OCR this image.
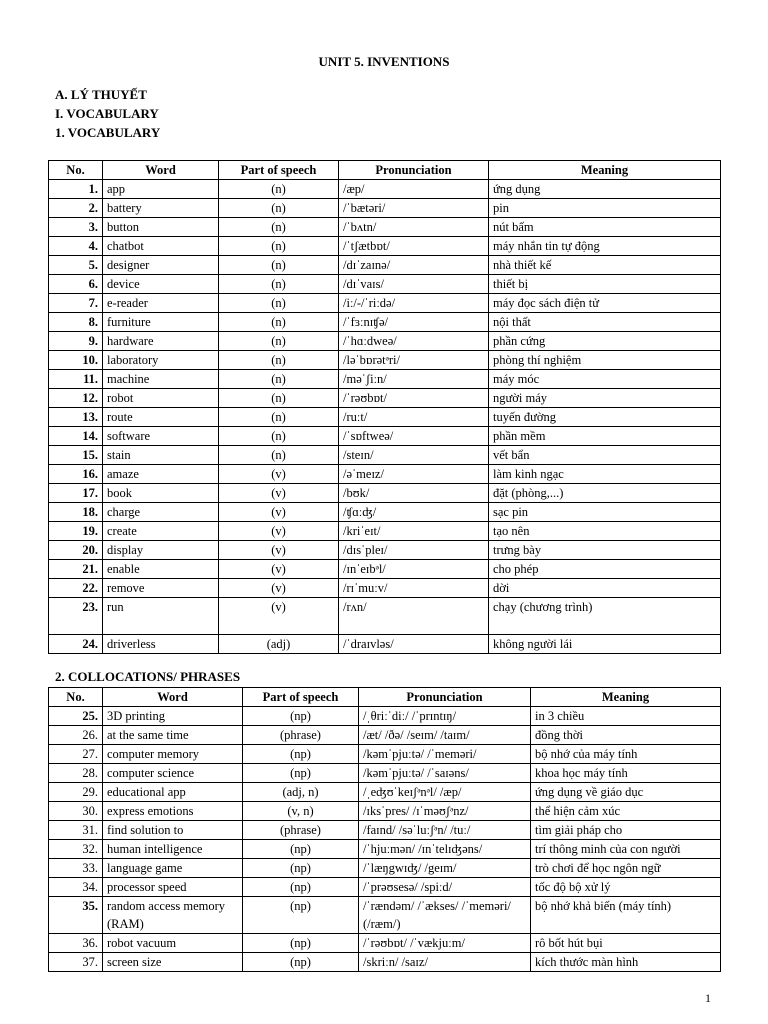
UNIT 5. INVENTIONS
A. LÝ THUYẾT
I. VOCABULARY
1. VOCABULARY
No.	Word	Part of speech	Pronunciation	Meaning
1.	app	(n)	/æp/	ứng dụng
2.	battery	(n)	/ˈbætəri/	pin
3.	button	(n)	/ˈbʌtn/	nút bấm
4.	chatbot	(n)	/ˈtʃætbɒt/	máy nhắn tin tự động
5.	designer	(n)	/dɪˈzaɪnə/	nhà thiết kế
6.	device	(n)	/dɪˈvaɪs/	thiết bị
7.	e-reader	(n)	/iː/-/ˈriːdə/	máy đọc sách điện tử
8.	furniture	(n)	/ˈfɜːnɪʧə/	nội thất
9.	hardware	(n)	/ˈhɑːdweə/	phần cứng
10.	laboratory	(n)	/ləˈbɒrətᵊri/	phòng thí nghiệm
11.	machine	(n)	/məˈʃiːn/	máy móc
12.	robot	(n)	/ˈrəʊbɒt/	người máy
13.	route	(n)	/ruːt/	tuyến đường
14.	software	(n)	/ˈsɒftweə/	phần mềm
15.	stain	(n)	/steɪn/	vết bẩn
16.	amaze	(v)	/əˈmeɪz/	làm kinh ngạc
17.	book	(v)	/bʊk/	đặt (phòng,...)
18.	charge	(v)	/ʧɑːʤ/	sạc pin
19.	create	(v)	/kriˈeɪt/	tạo nên
20.	display	(v)	/dɪsˈpleɪ/	trưng bày
21.	enable	(v)	/ɪnˈeɪbᵊl/	cho phép
22.	remove	(v)	/rɪˈmuːv/	dời
23.	run	(v)	/rʌn/	chạy (chương trình)
24.	driverless	(adj)	/ˈdraɪvləs/	không người lái
2. COLLOCATIONS/ PHRASES
No.	Word	Part of speech	Pronunciation	Meaning
25.	3D printing	(np)	/ˌθriːˈdiː/ /ˈprɪntɪŋ/	in 3 chiều
26.	at the same time	(phrase)	/æt/ /ðə/ /seɪm/ /taɪm/	đồng thời
27.	computer memory	(np)	/kəmˈpjuːtə/ /ˈmeməri/	bộ nhớ của máy tính
28.	computer science	(np)	/kəmˈpjuːtə/ /ˈsaɪəns/	khoa học máy tính
29.	educational app	(adj, n)	/ˌeʤʊˈkeɪʃᵊnᵊl/ /æp/	ứng dụng về giáo dục
30.	express emotions	(v, n)	/ɪksˈpres/ /ɪˈməʊʃᵊnz/	thể hiện cảm xúc
31.	find solution to	(phrase)	/faɪnd/ /səˈluːʃᵊn/ /tuː/	tìm giải pháp cho
32.	human intelligence	(np)	/ˈhjuːmən/ /ɪnˈtelɪʤəns/	trí thông minh của con người
33.	language game	(np)	/ˈlæŋgwɪʤ/ /geɪm/	trò chơi để học ngôn ngữ
34.	processor speed	(np)	/ˈprəʊsesə/ /spiːd/	tốc độ bộ xử lý
35.	random access memory (RAM)	(np)	/ˈrændəm/ /ˈækses/ /ˈmeməri/ (/ræm/)	bộ nhớ khả biến (máy tính)
36.	robot vacuum	(np)	/ˈrəʊbɒt/ /ˈvækjuːm/	rô bốt hút bụi
37.	screen size	(np)	/skriːn/ /saɪz/	kích thước màn hình
1
